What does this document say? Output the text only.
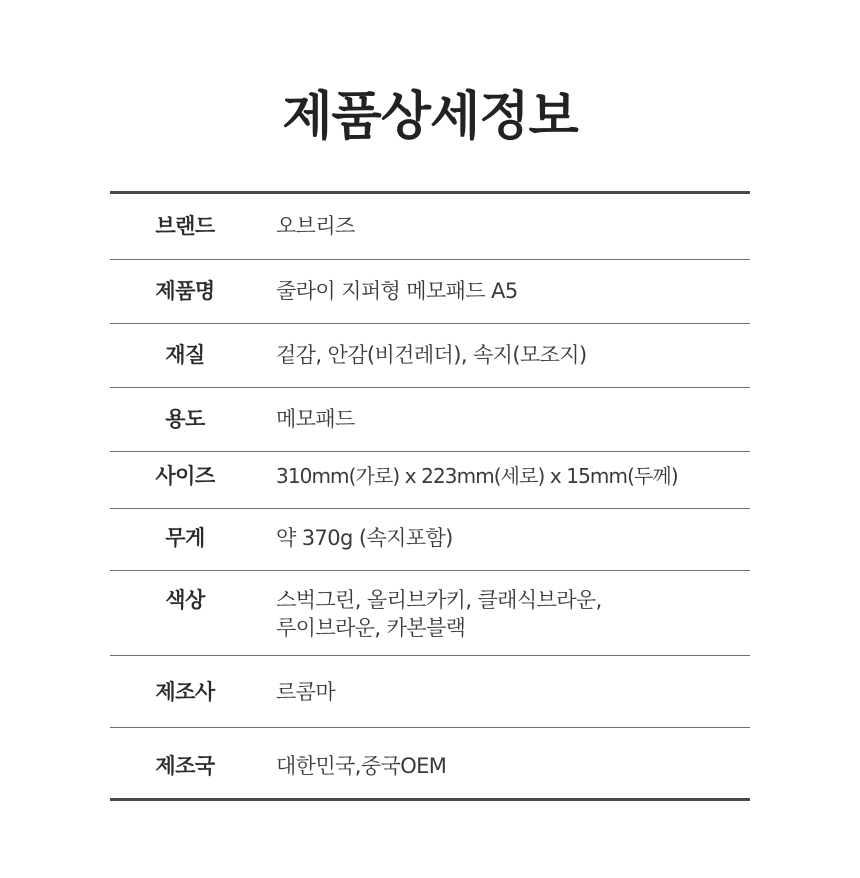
제품상세정보
브랜드	오브리즈
제품명	줄라이 지퍼형 메모패드 A5
재질	겉감, 안감(비건레더), 속지(모조지)
용도	메모패드
사이즈	310mm(가로) x 223mm(세로) x 15mm(두께)
무게	약 370g (속지포함)
색상	스벅그린, 올리브카키, 클래식브라운,
루이브라운, 카본블랙
제조사	르콤마
제조국	대한민국,중국OEM
